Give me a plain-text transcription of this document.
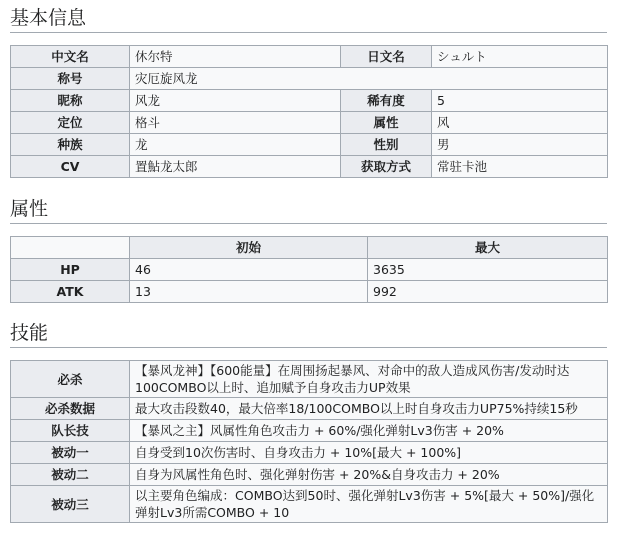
基本信息
中文名	休尔特	日文名	シュルト
称号	灾厄旋风龙		
昵称	风龙	稀有度	5
定位	格斗	属性	风
种族	龙	性别	男
CV	置鮎龙太郎	获取方式	常驻卡池
属性
	初始	最大
HP	46	3635
ATK	13	992
技能
必杀	【暴风龙神】【600能量】在周围扬起暴风、对命中的敌人造成风伤害/发动时达100COMBO以上时、追加赋予自身攻击力UP效果
必杀数据	最大攻击段数40，最大倍率18/100COMBO以上时自身攻击力UP75%持续15秒
队长技	【暴风之主】风属性角色攻击力 + 60%/强化弹射Lv3伤害 + 20%
被动一	自身受到10次伤害时、自身攻击力 + 10%[最大 + 100%]
被动二	自身为风属性角色时、强化弹射伤害 + 20%&自身攻击力 + 20%
被动三	以主要角色编成：COMBO达到50时、强化弹射Lv3伤害 + 5%[最大 + 50%]/强化弹射Lv3所需COMBO + 10
